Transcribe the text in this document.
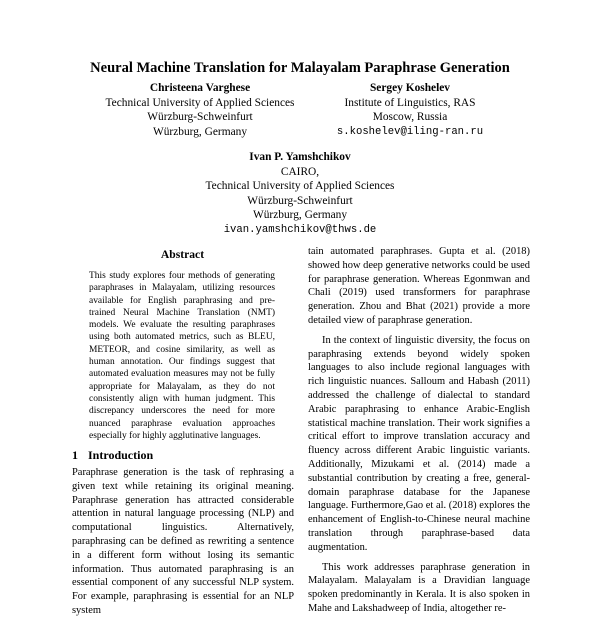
Neural Machine Translation for Malayalam Paraphrase Generation
Christeena Varghese
Technical University of Applied Sciences
Würzburg-Schweinfurt
Würzburg, Germany
Sergey Koshelev
Institute of Linguistics, RAS
Moscow, Russia
s.koshelev@iling-ran.ru
Ivan P. Yamshchikov
CAIRO,
Technical University of Applied Sciences
Würzburg-Schweinfurt
Würzburg, Germany
ivan.yamshchikov@thws.de
Abstract
This study explores four methods of generating paraphrases in Malayalam, utilizing resources available for English paraphrasing and pre-trained Neural Machine Translation (NMT) models. We evaluate the resulting paraphrases using both automated metrics, such as BLEU, METEOR, and cosine similarity, as well as human annotation. Our findings suggest that automated evaluation measures may not be fully appropriate for Malayalam, as they do not consistently align with human judgment. This discrepancy underscores the need for more nuanced paraphrase evaluation approaches especially for highly agglutinative languages.
1 Introduction

Paraphrase generation is the task of rephrasing a given text while retaining its original meaning. Paraphrase generation has attracted considerable attention in natural language processing (NLP) and computational linguistics. Alternatively, paraphrasing can be defined as rewriting a sentence in a different form without losing its semantic information. Thus automated paraphrasing is an essential component of any successful NLP system. For example, paraphrasing is essential for an NLP system

tain automated paraphrases. Gupta et al. (2018) showed how deep generative networks could be used for paraphrase generation. Whereas Egonmwan and Chali (2019) used transformers for paraphrase generation. Zhou and Bhat (2021) provide a more detailed view of paraphrase generation.

In the context of linguistic diversity, the focus on paraphrasing extends beyond widely spoken languages to also include regional languages with rich linguistic nuances. Salloum and Habash (2011) addressed the challenge of dialectal to standard Arabic paraphrasing to enhance Arabic-English statistical machine translation. Their work signifies a critical effort to improve translation accuracy and fluency across different Arabic linguistic variants. Additionally, Mizukami et al. (2014) made a substantial contribution by creating a free, general-domain paraphrase database for the Japanese language. Furthermore,Gao et al. (2018) explores the enhancement of English-to-Chinese neural machine translation through paraphrase-based data augmentation.

This work addresses paraphrase generation in Malayalam. Malayalam is a Dravidian language spoken predominantly in Kerala. It is also spoken in Mahe and Lakshadweep of India, altogether re-
